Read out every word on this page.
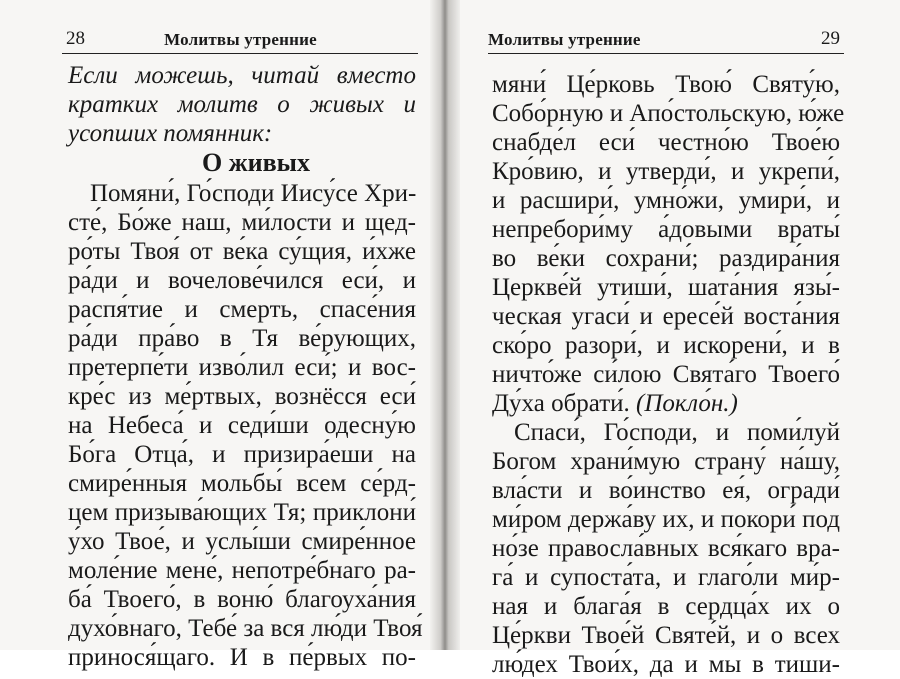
28	Молитвы утренние
Если можешь, читай вместо
кратких молитв о живых и
усопших помянник:
О живых
Помяни́, Го́споди Иису́се Хри-
сте́, Бо́же наш, ми́лости и щед-
ро́ты Твоя́ от ве́ка су́щия, и́хже
ра́ди и вочелове́чился еси́, и
распя́тие и смерть, спасе́ния
ра́ди пра́во в Тя ве́рующих,
претерпе́ти изво́лил еси́; и вос-
кре́с из ме́ртвых, вознёсся еси́
на Небеса́ и седи́ши одесну́ю
Бо́га Отца́, и призира́еши на
смире́нныя мольбы́ всем се́рд-
цем призыва́ющих Тя; приклони́
у́хо Твое́, и услы́ши смире́нное
моле́ние мене́, непотре́бнаго ра-
ба́ Твоего́, в воню́ благоуха́ния
духо́внаго, Тебе́ за вся лю́ди Твоя́
принося́щаго. И в пе́рвых по-
Молитвы утренние	29
мяни́ Це́рковь Твою́ Святу́ю,
Собо́рную и Апо́стольскую, ю́же
снабде́л еси́ честно́ю Твое́ю
Кро́вию, и утверди́, и укрепи́,
и расшири́, умно́жи, умири́, и
непребори́му а́довыми враты́
во ве́ки сохрани́; раздира́ния
Церкве́й утиши́, шата́ния язы́-
ческая угаси́ и ересе́й воста́ния
ско́ро разори́, и искорени́, и в
ничто́же си́лою Свята́го Твоего́
Ду́ха обрати́. (Покло́н.)
Спаси́, Го́споди, и поми́луй
Богом храни́мую страну́ на́шу,
вла́сти и во́инство ея́, огради́
ми́ром держа́ву их, и покори́ под
но́зе правосла́вных вся́каго вра-
га́ и супоста́та, и глаго́ли ми́р-
ная и блага́я в сердца́х их о
Це́ркви Твое́й Святе́й, и о всех
лю́дех Твои́х, да и мы в тиши-
